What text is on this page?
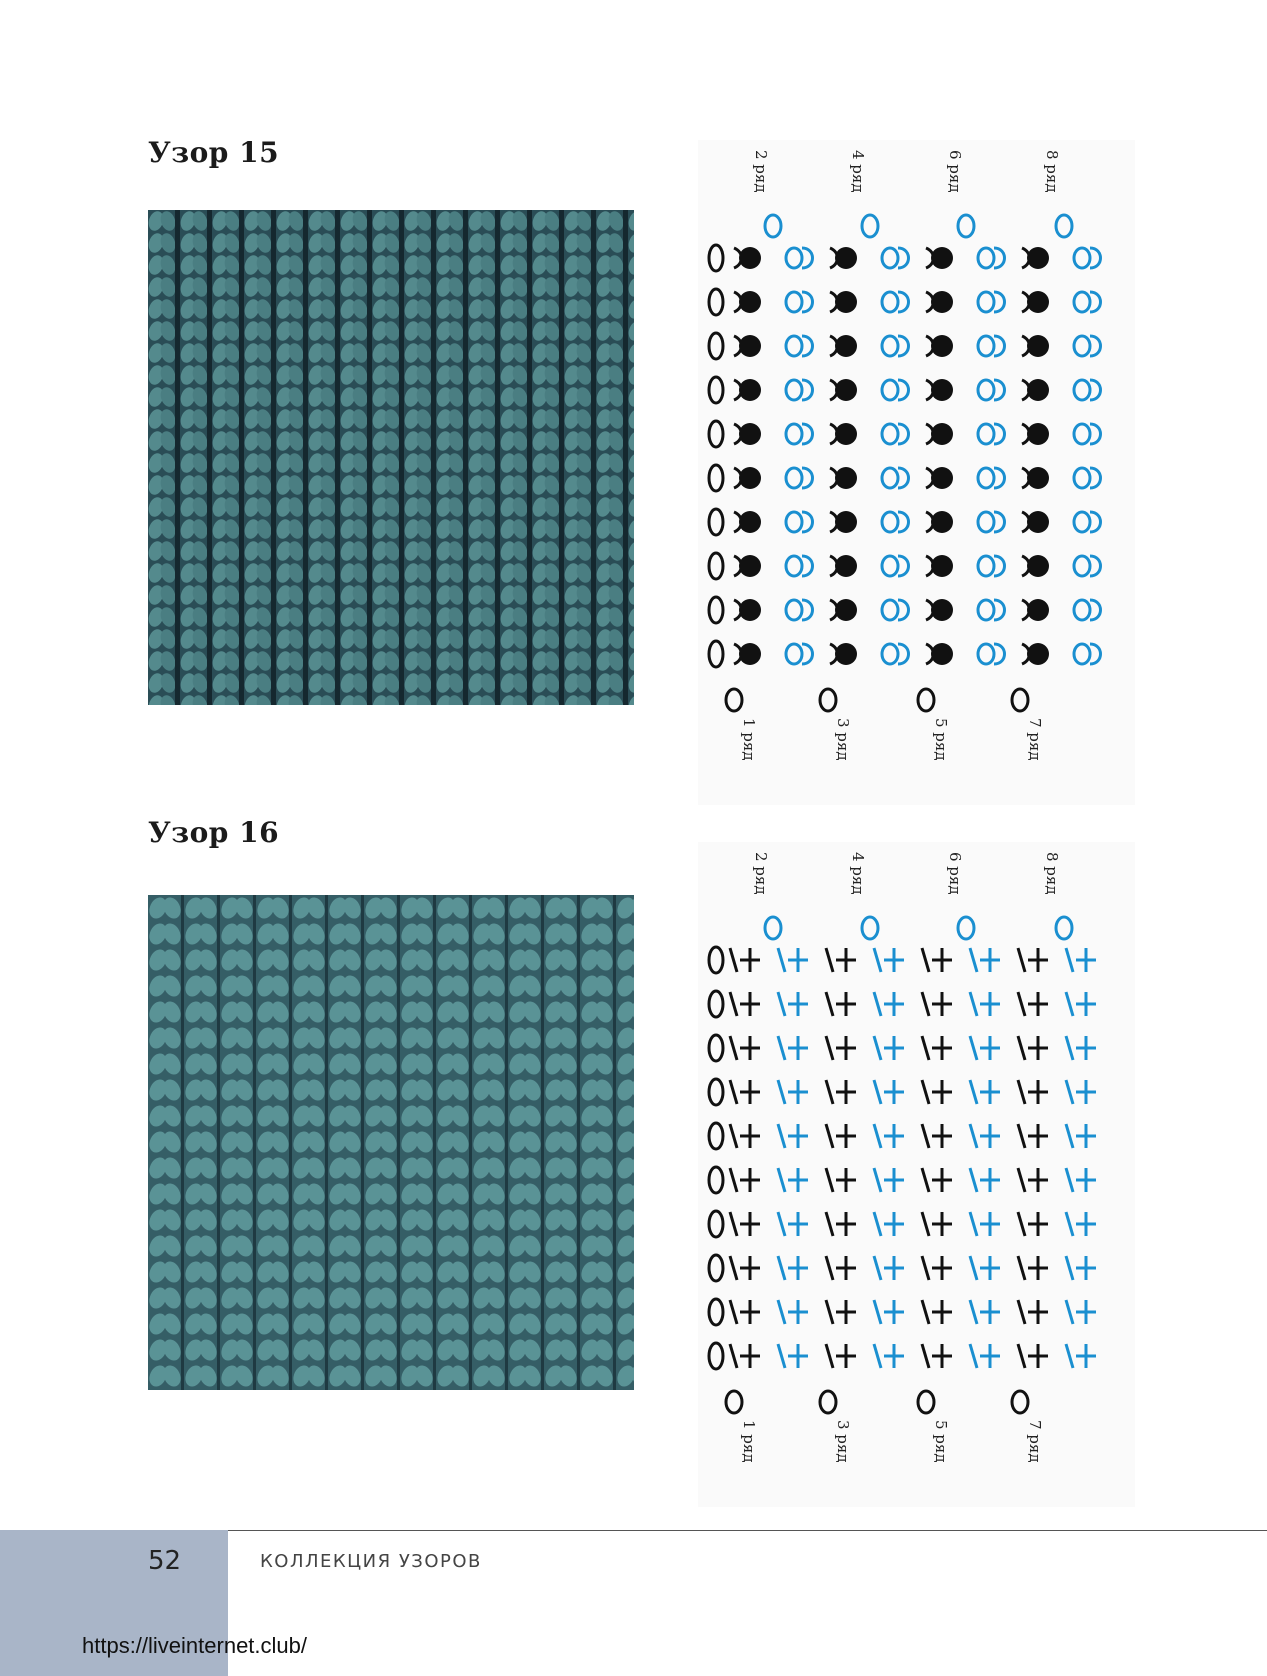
Узор 15	2 ряд	4 ряд	6 ряд	8 ряд
1 ряд	3 ряд	5 ряд	7 ряд
Узор 16
2 ряд	4 ряд	6 ряд	8 ряд
1 ряд	3 ряд	5 ряд	7 ряд
52	КОЛЛЕКЦИЯ УЗОРОВ
https://liveinternet.club/
